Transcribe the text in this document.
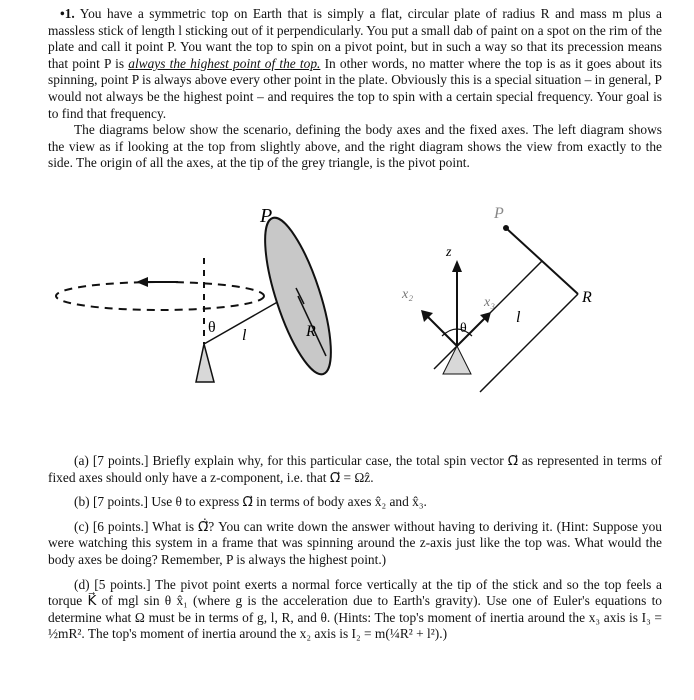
•1. You have a symmetric top on Earth that is simply a flat, circular plate of radius R and mass m plus a massless stick of length l sticking out of it perpendicularly. You put a small dab of paint on a spot on the rim of the plate and call it point P. You want the top to spin on a pivot point, but in such a way so that its precession means that point P is always the highest point of the top. In other words, no matter where the top is as it goes about its spinning, point P is always above every other point in the plate. Obviously this is a special situation – in general, P would not always be the highest point – and requires the top to spin with a certain special frequency. Your goal is to find that frequency.

The diagrams below show the scenario, defining the body axes and the fixed axes. The left diagram shows the view as if looking at the top from slightly above, and the right diagram shows the view from exactly to the side. The origin of all the axes, at the tip of the grey triangle, is the pivot point.

P
θ l	R
P
z
x₂
x₃
θ
l
R

(a) [7 points.] Briefly explain why, for this particular case, the total spin vector Ω⃗ as represented in terms of fixed axes should only have a z-component, i.e. that Ω⃗ = Ωẑ.

(b) [7 points.] Use θ to express Ω⃗ in terms of body axes x̂₂ and x̂₃.

(c) [6 points.] What is Ω⃗̇? You can write down the answer without having to deriving it. (Hint: Suppose you were watching this system in a frame that was spinning around the z-axis just like the top was. What would the body axes be doing? Remember, P is always the highest point.)

(d) [5 points.] The pivot point exerts a normal force vertically at the tip of the stick and so the top feels a torque K⃗ of mgl sin θ x̂₁ (where g is the acceleration due to Earth's gravity). Use one of Euler's equations to determine what Ω must be in terms of g, l, R, and θ. (Hints: The top's moment of inertia around the x₃ axis is I₃ = ½mR². The top's moment of inertia around the x₂ axis is I₂ = m(¼R² + l²).)
